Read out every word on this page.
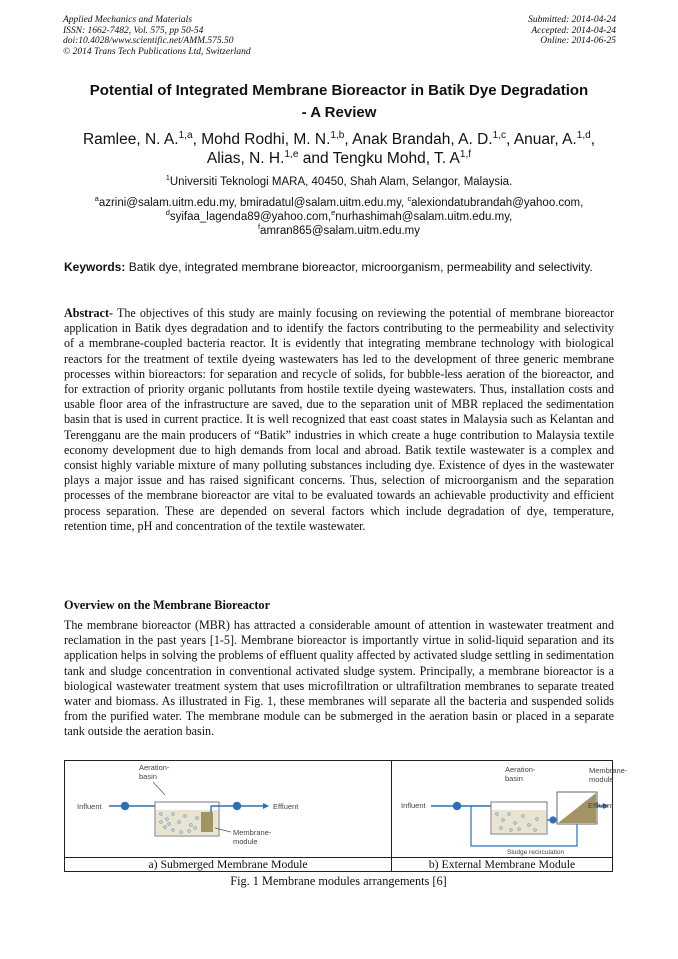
Applied Mechanics and Materials
ISSN: 1662-7482, Vol. 575, pp 50-54
doi:10.4028/www.scientific.net/AMM.575.50
© 2014 Trans Tech Publications Ltd, Switzerland
Submitted: 2014-04-24
Accepted: 2014-04-24
Online: 2014-06-25
Potential of Integrated Membrane Bioreactor in Batik Dye Degradation
- A Review
Ramlee, N. A.$^{1,a}$, Mohd Rodhi, M. N.$^{1,b}$, Anak Brandah, A. D.$^{1,c}$, Anuar, A.$^{1,d}$,
Alias, N. H.$^{1,e}$ and Tengku Mohd, T. A$^{1,f}$
$^1$Universiti Teknologi MARA, 40450, Shah Alam, Selangor, Malaysia.
$^a$azrini@salam.uitm.edu.my, bmiradatul@salam.uitm.edu.my, $^c$alexiondatubrandah@yahoo.com,
$^d$syifaa_lagenda89@yahoo.com,$^e$nurhashimah@salam.uitm.edu.my,
$^f$amran865@salam.uitm.edu.my
Keywords: Batik dye, integrated membrane bioreactor, microorganism, permeability and selectivity.
Abstract- The objectives of this study are mainly focusing on reviewing the potential of membrane bioreactor application in Batik dyes degradation and to identify the factors contributing to the permeability and selectivity of a membrane-coupled bacteria reactor. It is evidently that integrating membrane technology with biological reactors for the treatment of textile dyeing wastewaters has led to the development of three generic membrane processes within bioreactors: for separation and recycle of solids, for bubble-less aeration of the bioreactor, and for extraction of priority organic pollutants from hostile textile dyeing wastewaters. Thus, installation costs and usable floor area of the infrastructure are saved, due to the separation unit of MBR replaced the sedimentation basin that is used in current practice. It is well recognized that east coast states in Malaysia such as Kelantan and Terengganu are the main producers of “Batik” industries in which create a huge contribution to Malaysia textile economy development due to high demands from local and abroad. Batik textile wastewater is a complex and consist highly variable mixture of many polluting substances including dye. Existence of dyes in the wastewater plays a major issue and has raised significant concerns. Thus, selection of microorganism and the separation processes of the membrane bioreactor are vital to be evaluated towards an achievable productivity and efficient process separation. These are depended on several factors which include degradation of dye, temperature, retention time, pH and concentration of the textile wastewater.
Overview on the Membrane Bioreactor
The membrane bioreactor (MBR) has attracted a considerable amount of attention in wastewater treatment and reclamation in the past years [1-5]. Membrane bioreactor is importantly virtue in solid-liquid separation and its application helps in solving the problems of effluent quality affected by activated sludge settling in sedimentation tank and sludge concentration in conventional activated sludge system. Principally, a membrane bioreactor is a biological wastewater treatment system that uses microfiltration or ultrafiltration membranes to separate treated water and biomass. As illustrated in Fig. 1, these membranes will separate all the bacteria and suspended solids from the purified water. The membrane module can be submerged in the aeration basin or placed in a separate tank outside the aeration basin.
Aeration-
basin
Influent	Effluent
Membrane-
module
Aeration-
basin
Membrane-
module
Influent
Sludge recirculation
a) Submerged Membrane Module	b) External Membrane Module
Fig. 1 Membrane modules arrangements [6]
Effluent
